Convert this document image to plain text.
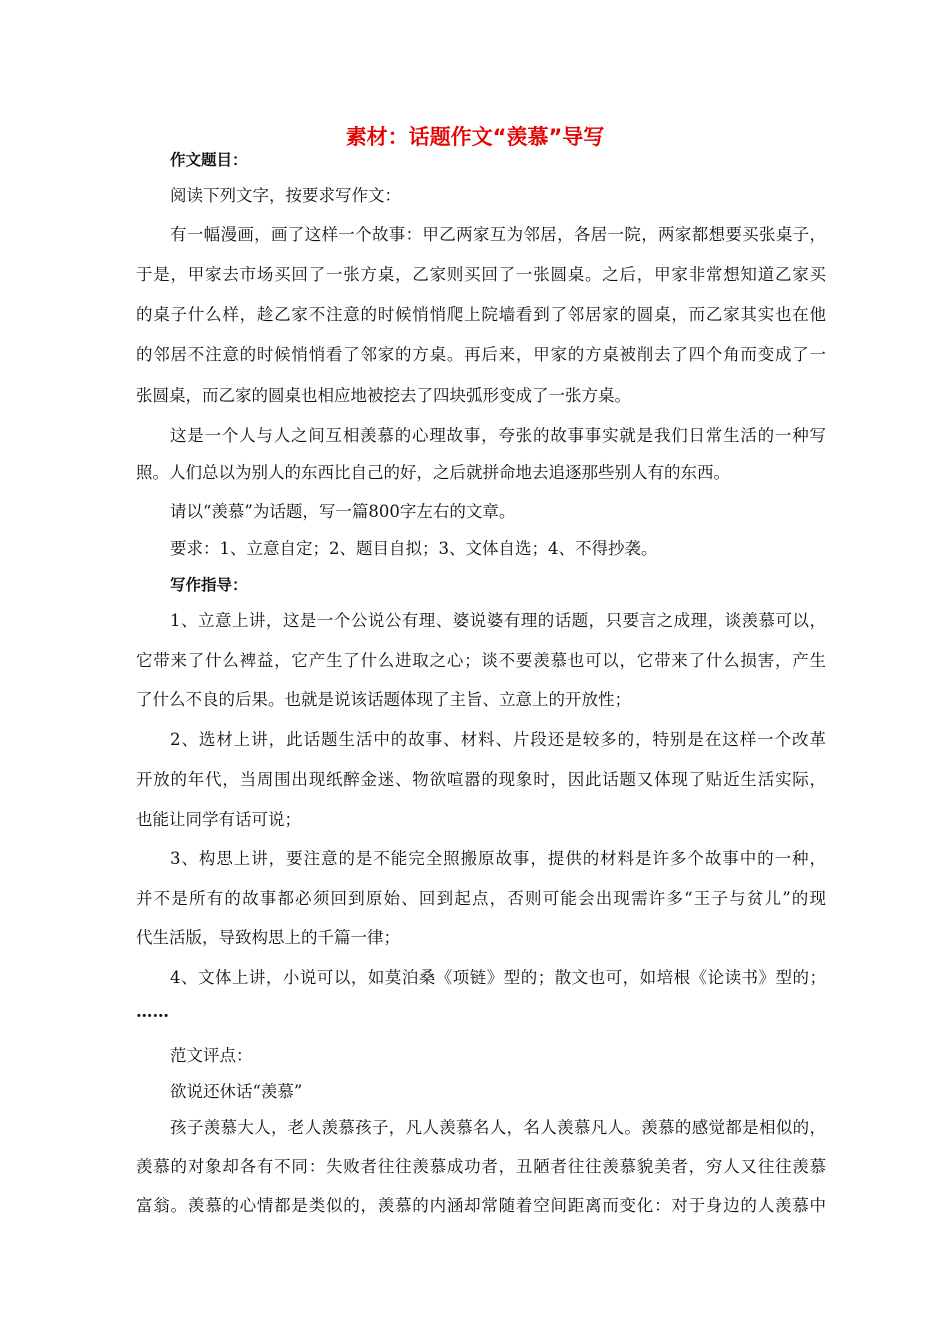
素材：话题作文“羡慕”导写
作文题目：
阅读下列文字，按要求写作文：
有一幅漫画，画了这样一个故事：甲乙两家互为邻居，各居一院，两家都想要买张桌子，
于是，甲家去市场买回了一张方桌，乙家则买回了一张圆桌。之后，甲家非常想知道乙家买
的桌子什么样，趁乙家不注意的时候悄悄爬上院墙看到了邻居家的圆桌，而乙家其实也在他
的邻居不注意的时候悄悄看了邻家的方桌。再后来，甲家的方桌被削去了四个角而变成了一
张圆桌，而乙家的圆桌也相应地被挖去了四块弧形变成了一张方桌。
这是一个人与人之间互相羡慕的心理故事，夸张的故事事实就是我们日常生活的一种写
照。人们总以为别人的东西比自己的好，之后就拼命地去追逐那些别人有的东西。
请以“羡慕”为话题，写一篇800字左右的文章。
要求：1、立意自定；2、题目自拟；3、文体自选；4、不得抄袭。
写作指导：
1、立意上讲，这是一个公说公有理、婆说婆有理的话题，只要言之成理，谈羡慕可以，
它带来了什么裨益，它产生了什么进取之心；谈不要羡慕也可以，它带来了什么损害，产生
了什么不良的后果。也就是说该话题体现了主旨、立意上的开放性；
2、选材上讲，此话题生活中的故事、材料、片段还是较多的，特别是在这样一个改革
开放的年代，当周围出现纸醉金迷、物欲喧嚣的现象时，因此话题又体现了贴近生活实际，
也能让同学有话可说；
3、构思上讲，要注意的是不能完全照搬原故事，提供的材料是许多个故事中的一种，
并不是所有的故事都必须回到原始、回到起点，否则可能会出现需许多“王子与贫儿”的现
代生活版，导致构思上的千篇一律；
4、文体上讲，小说可以，如莫泊桑《项链》型的；散文也可，如培根《论读书》型的；
……
范文评点：
欲说还休话“羡慕”
孩子羡慕大人，老人羡慕孩子，凡人羡慕名人，名人羡慕凡人。羡慕的感觉都是相似的，
羡慕的对象却各有不同：失败者往往羡慕成功者，丑陋者往往羡慕貌美者，穷人又往往羡慕
富翁。羡慕的心情都是类似的，羡慕的内涵却常随着空间距离而变化：对于身边的人羡慕中
